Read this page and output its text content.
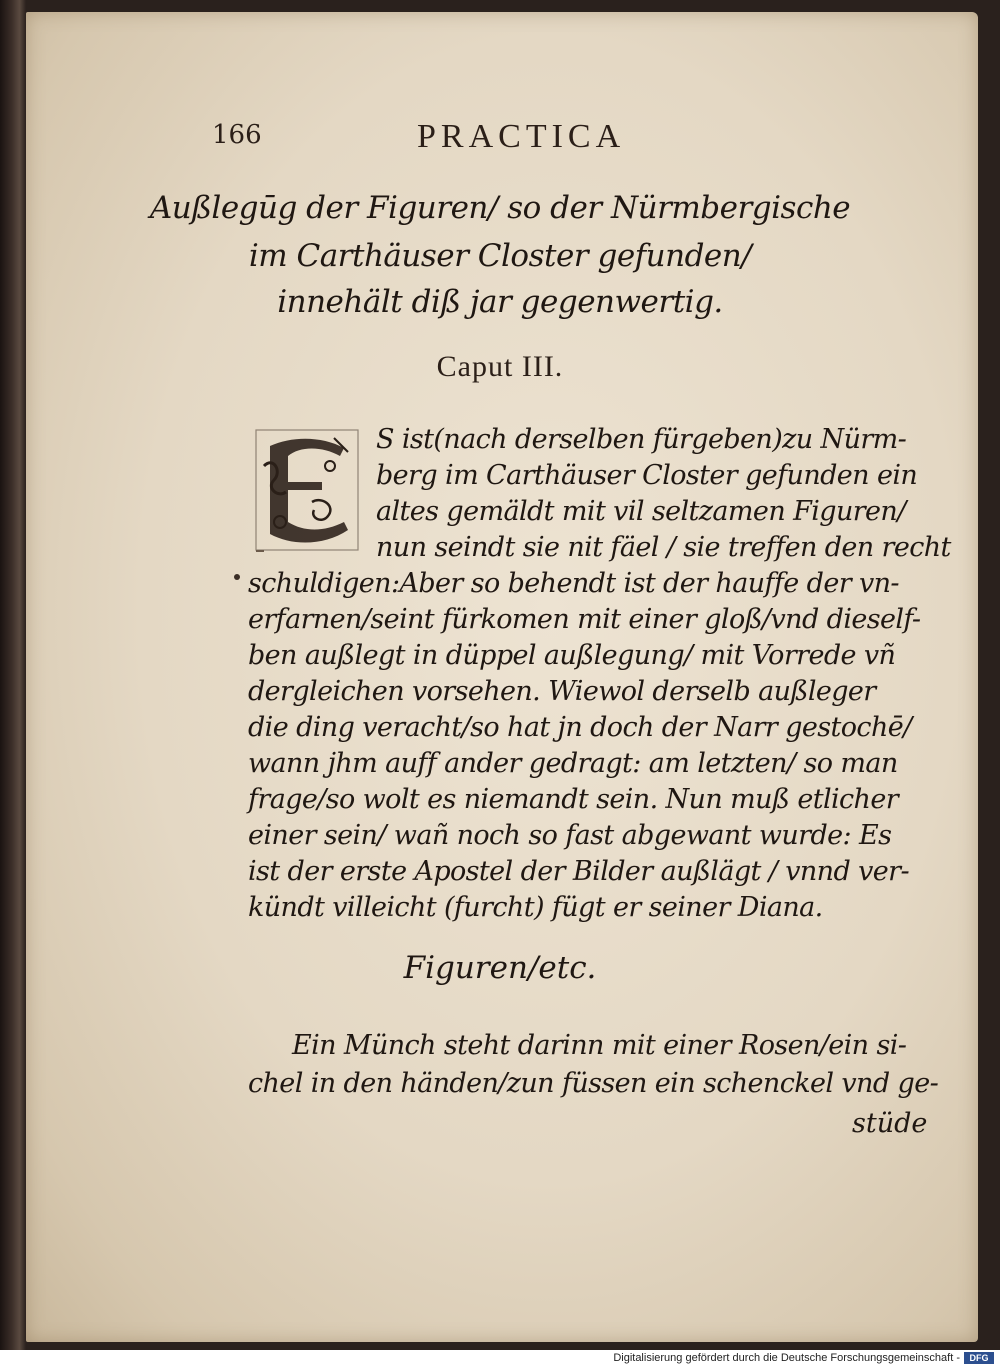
166	PRACTICA
Außlegūg der Figuren/ so der Nürmbergische
im Carthäuser Closter gefunden/
innehält diß jar gegenwertig.
Caput III.
S ist(nach derselben fürgeben)zu Nürm-
berg im Carthäuser Closter gefunden ein
altes gemäldt mit vil seltzamen Figuren/
nun seindt sie nit fäel / sie treffen den recht
schuldigen:Aber so behendt ist der hauffe der vn-
erfarnen/seint fürkomen mit einer gloß/vnd dieself-
ben außlegt in düppel außlegung/ mit Vorrede vñ
dergleichen vorsehen. Wiewol derselb außleger
die ding veracht/so hat jn doch der Narr gestochē/
wann jhm auff ander gedragt: am letzten/ so man
frage/so wolt es niemandt sein. Nun muß etlicher
einer sein/ wañ noch so fast abgewant wurde: Es
ist der erste Apostel der Bilder außlägt / vnnd ver-
kündt villeicht (furcht) fügt er seiner Diana.
Figuren/etc.
Ein Münch steht darinn mit einer Rosen/ein si-
chel in den händen/zun füssen ein schenckel vnd ge-
stüde
Digitalisierung gefördert durch die Deutsche Forschungsgemeinschaft -	DFG
